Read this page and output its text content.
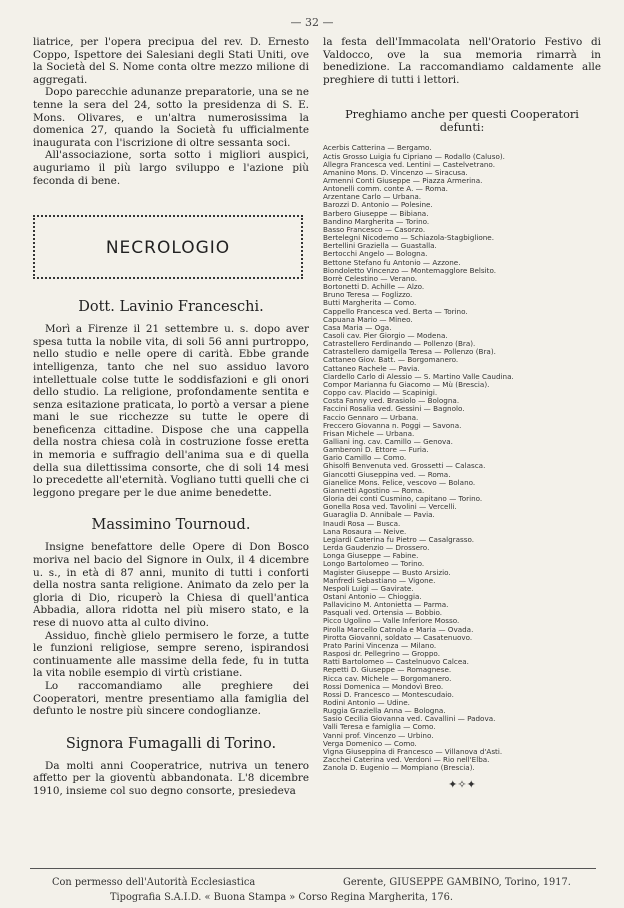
— 32 —

liatrice, per l'opera precipua del rev. D. Ernesto Coppo, Ispettore dei Salesiani degli Stati Uniti, ove la Società del S. Nome conta oltre mezzo milione di aggregati.

Dopo parecchie adunanze preparatorie, una se ne tenne la sera del 24, sotto la presidenza di S. E. Mons. Olivares, e un'altra numerosissima la domenica 27, quando la Società fu ufficialmente inaugurata con l'iscrizione di oltre sessanta soci.

All'associazione, sorta sotto i migliori auspici, auguriamo il più largo sviluppo e l'azione più feconda di bene.

NECROLOGIO
Dott. Lavinio Franceschi.

Morì a Firenze il 21 settembre u. s. dopo aver spesa tutta la nobile vita, di soli 56 anni purtroppo, nello studio e nelle opere di carità. Ebbe grande intelligenza, tanto che nel suo assiduo lavoro intellettuale colse tutte le soddisfazioni e gli onori dello studio. La religione, profondamente sentita e senza esitazione praticata, lo portò a versar a piene mani le sue ricchezze su tutte le opere di beneficenza cittadine. Dispose che una cappella della nostra chiesa colà in costruzione fosse eretta in memoria e suffragio dell'anima sua e di quella della sua dilettissima consorte, che di soli 14 mesi lo precedette all'eternità. Vogliano tutti quelli che ci leggono pregare per le due anime benedette.

Massimino Tournoud.

Insigne benefattore delle Opere di Don Bosco moriva nel bacio del Signore in Oulx, il 4 dicembre u. s., in età di 87 anni, munito di tutti i conforti della nostra santa religione. Animato da zelo per la gloria di Dio, ricuperò la Chiesa di quell'antica Abbadia, allora ridotta nel più misero stato, e la rese di nuovo atta al culto divino.

Assiduo, finchè glielo permisero le forze, a tutte le funzioni religiose, sempre sereno, ispirandosi continuamente alle massime della fede, fu in tutta la vita nobile esempio di virtù cristiane.

Lo raccomandiamo alle preghiere dei Cooperatori, mentre presentiamo alla famiglia del defunto le nostre più sincere condoglianze.

Signora Fumagalli di Torino.

Da molti anni Cooperatrice, nutriva un tenero affetto per la gioventù abbandonata. L'8 dicembre 1910, insieme col suo degno consorte, presiedeva

la festa dell'Immacolata nell'Oratorio Festivo di Valdocco, ove la sua memoria rimarrà in benedizione. La raccomandiamo caldamente alle preghiere di tutti i lettori.

Preghiamo anche per questi Cooperatori defunti:
Acerbis Catterina — Bergamo.
Actis Grosso Luigia fu Cipriano — Rodallo (Caluso).
Allegra Francesca ved. Lentini — Castelvetrano.
Amanino Mons. D. Vincenzo — Siracusa.
Armenni Conti Giuseppe — Piazza Armerina.
Antonelli comm. conte A. — Roma.
Arzentane Carlo — Urbana.
Barozzi D. Antonio — Polesine.
Barbero Giuseppe — Bibiana.
Bandino Margherita — Torino.
Basso Francesco — Casorzo.
Bertelegni Nicodemo — Schiazola-Stagbiglione.
Bertellini Graziella — Guastalla.
Bertocchi Angelo — Bologna.
Bettone Stefano fu Antonio — Azzone.
Biondoletto Vincenzo — Montemagglore Belsito.
Borrè Celestino — Verano.
Bortonetti D. Achille — Alzo.
Bruno Teresa — Foglizzo.
Butti Margherita — Como.
Cappello Francesca ved. Berta — Torino.
Capuana Mario — Mineo.
Casa Maria — Oga.
Casoli cav. Pier Giorgio — Modena.
Catrastellero Ferdinando — Pollenzo (Bra).
Catrastellero damigella Teresa — Pollenzo (Bra).
Cattaneo Giov. Batt. — Borgomanero.
Cattaneo Rachele — Pavia.
Ciardello Carlo di Alessio — S. Martino Valle Caudina.
Compor Marianna fu Giacomo — Mù (Brescia).
Coppo cav. Placido — Scapinigi.
Costa Fanny ved. Brasiolo — Bologna.
Faccini Rosalia ved. Gessini — Bagnolo.
Faccio Gennaro — Urbana.
Freccero Giovanna n. Poggi — Savona.
Frisan Michele — Urbana.
Galliani ing. cav. Camillo — Genova.
Gamberoni D. Ettore — Furia.
Gario Camillo — Como.
Ghisolfi Benvenuta ved. Grossetti — Calasca.
Giancotti Giuseppina ved. — Roma.
Gianelice Mons. Felice, vescovo — Bolano.
Giannetti Agostino — Roma.
Gloria dei conti Cusmino, capitano — Torino.
Gonella Rosa ved. Tavolini — Vercelli.
Guaraglia D. Annibale — Pavia.
Inaudi Rosa — Busca.
Lana Rosaura — Neive.
Legiardi Caterina fu Pietro — Casalgrasso.
Lerda Gaudenzio — Drossero.
Longa Giuseppe — Fabine.
Longo Bartolomeo — Torino.
Magister Giuseppe — Busto Arsizio.
Manfredi Sebastiano — Vigone.
Nespoli Luigi — Gavirate.
Ostani Antonio — Chioggia.
Pallavicino M. Antonietta — Parma.
Pasquali ved. Ortensia — Bobbio.
Picco Ugolino — Valle Inferiore Mosso.
Pirolla Marcello Catnola e Maria — Ovada.
Pirotta Giovanni, soldato — Casatenuovo.
Prato Parini Vincenza — Milano.
Rasposi dr. Pellegrino — Groppo.
Ratti Bartolomeo — Castelnuovo Calcea.
Repetti D. Giuseppe — Romagnese.
Ricca cav. Michele — Borgomanero.
Rossi Domenica — Mondovì Breo.
Rossi D. Francesco — Montescudaio.
Rodini Antonio — Udine.
Ruggia Graziella Anna — Bologna.
Sasio Cecilia Giovanna ved. Cavallini — Padova.
Valli Teresa e famiglia — Como.
Vanni prof. Vincenzo — Urbino.
Verga Domenico — Como.
Vigna Giuseppina di Francesco — Villanova d'Asti.
Zacchei Caterina ved. Verdoni — Rio nell'Elba.
Zanola D. Eugenio — Mompiano (Brescia).
✦✧✦
Con permesso dell'Autorità Ecclesiastica	Gerente, GIUSEPPE GAMBINO, Torino, 1917.
Tipografia S.A.I.D. « Buona Stampa » Corso Regina Margherita, 176.
